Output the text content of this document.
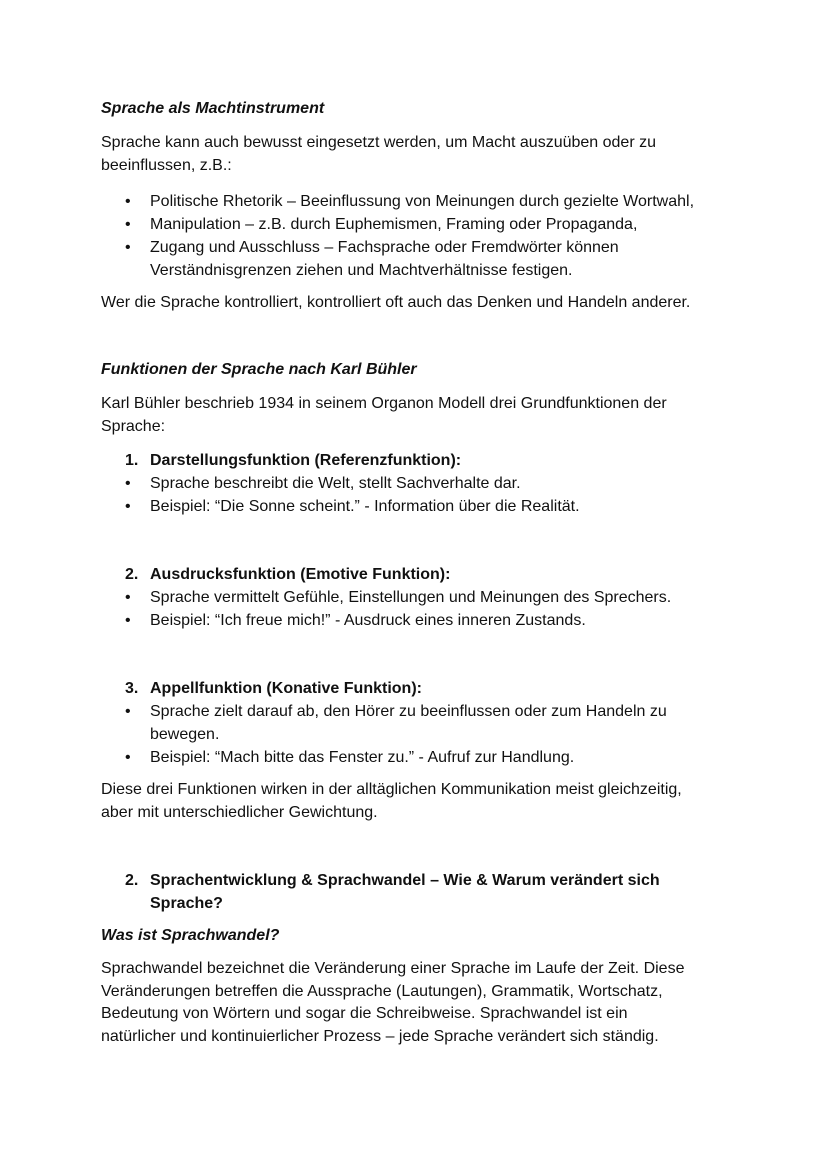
Sprache als Machtinstrument
Sprache kann auch bewusst eingesetzt werden, um Macht auszuüben oder zu
beeinflussen, z.B.:
• Politische Rhetorik – Beeinflussung von Meinungen durch gezielte Wortwahl,
• Manipulation – z.B. durch Euphemismen, Framing oder Propaganda,
• Zugang und Ausschluss – Fachsprache oder Fremdwörter können
Verständnisgrenzen ziehen und Machtverhältnisse festigen.
Wer die Sprache kontrolliert, kontrolliert oft auch das Denken und Handeln anderer.
Funktionen der Sprache nach Karl Bühler
Karl Bühler beschrieb 1934 in seinem Organon Modell drei Grundfunktionen der
Sprache:
1. Darstellungsfunktion (Referenzfunktion):
• Sprache beschreibt die Welt, stellt Sachverhalte dar.
• Beispiel: “Die Sonne scheint.” - Information über die Realität.
2. Ausdrucksfunktion (Emotive Funktion):
• Sprache vermittelt Gefühle, Einstellungen und Meinungen des Sprechers.
• Beispiel: “Ich freue mich!” - Ausdruck eines inneren Zustands.
3. Appellfunktion (Konative Funktion):
• Sprache zielt darauf ab, den Hörer zu beeinflussen oder zum Handeln zu
bewegen.
• Beispiel: “Mach bitte das Fenster zu.” - Aufruf zur Handlung.
Diese drei Funktionen wirken in der alltäglichen Kommunikation meist gleichzeitig,
aber mit unterschiedlicher Gewichtung.
2. Sprachentwicklung & Sprachwandel – Wie & Warum verändert sich
Sprache?
Was ist Sprachwandel?
Sprachwandel bezeichnet die Veränderung einer Sprache im Laufe der Zeit. Diese
Veränderungen betreffen die Aussprache (Lautungen), Grammatik, Wortschatz,
Bedeutung von Wörtern und sogar die Schreibweise. Sprachwandel ist ein
natürlicher und kontinuierlicher Prozess – jede Sprache verändert sich ständig.
